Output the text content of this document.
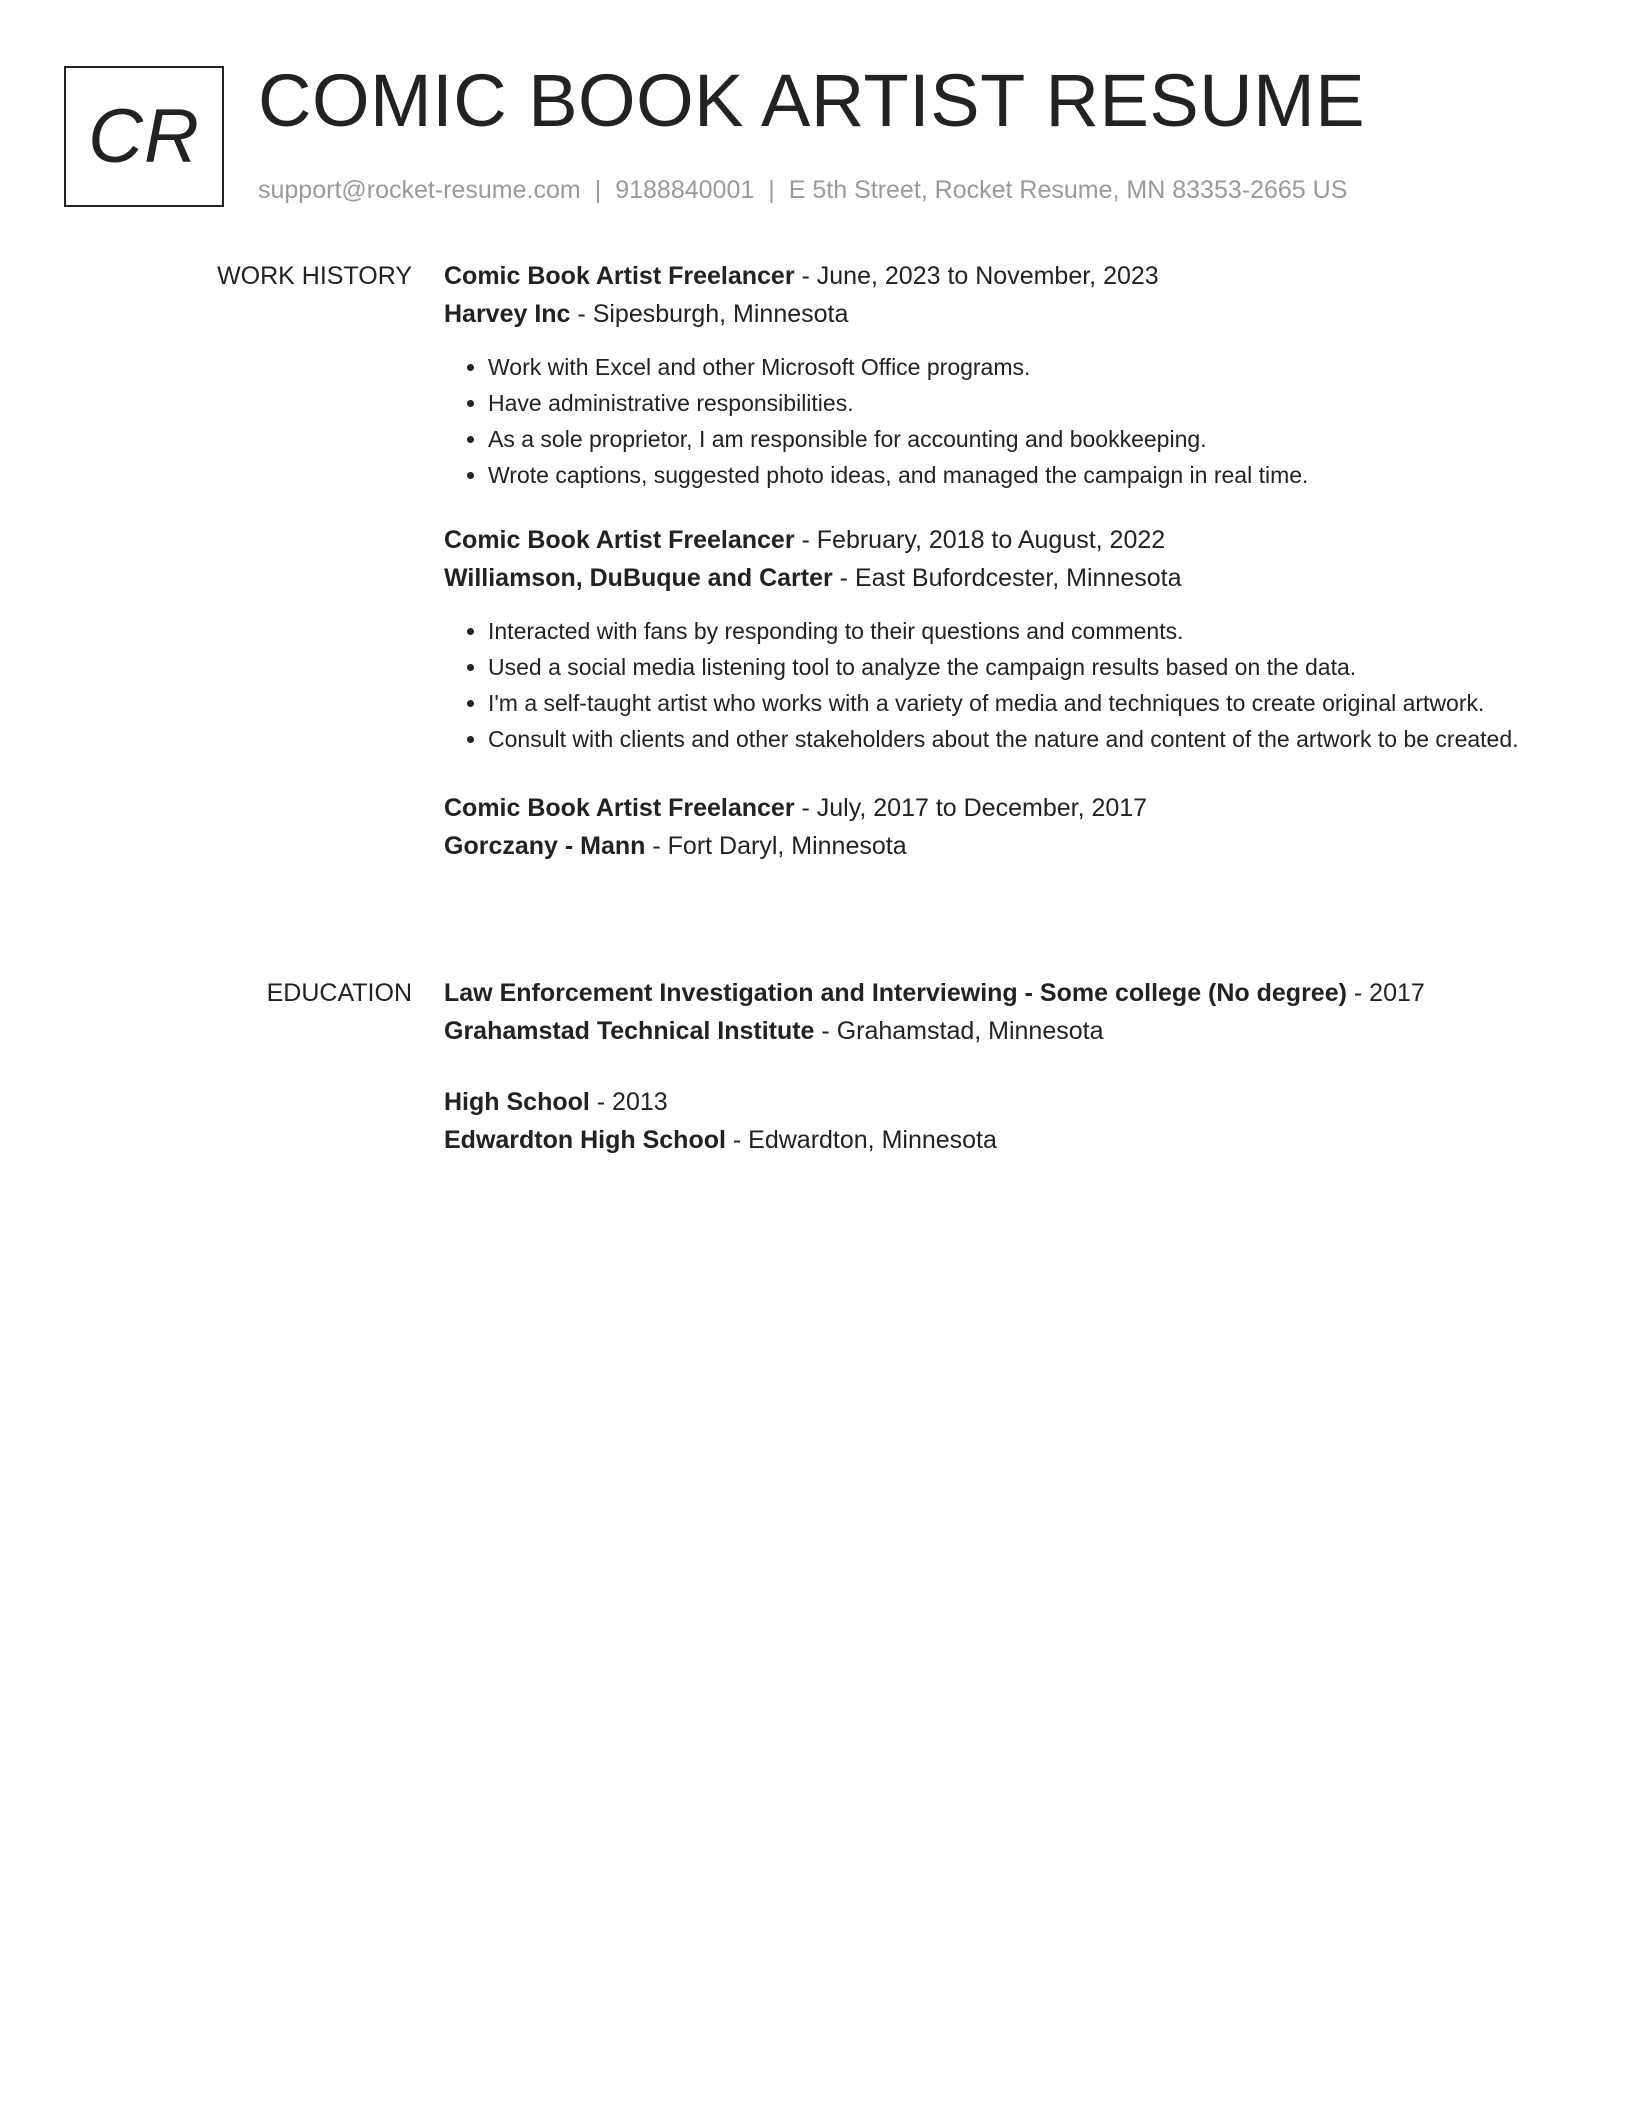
CR COMIC BOOK ARTIST RESUME
support@rocket-resume.com | 9188840001 | E 5th Street, Rocket Resume, MN 83353-2665 US
WORK HISTORY Comic Book Artist Freelancer - June, 2023 to November, 2023
Harvey Inc - Sipesburgh, Minnesota
• Work with Excel and other Microsoft Office programs.
• Have administrative responsibilities.
• As a sole proprietor, I am responsible for accounting and bookkeeping.
• Wrote captions, suggested photo ideas, and managed the campaign in real time.
Comic Book Artist Freelancer - February, 2018 to August, 2022
Williamson, DuBuque and Carter - East Bufordcester, Minnesota
• Interacted with fans by responding to their questions and comments.
• Used a social media listening tool to analyze the campaign results based on the data.
• I'm a self-taught artist who works with a variety of media and techniques to create original artwork.
• Consult with clients and other stakeholders about the nature and content of the artwork to be created.
Comic Book Artist Freelancer - July, 2017 to December, 2017
Gorczany - Mann - Fort Daryl, Minnesota
EDUCATION Law Enforcement Investigation and Interviewing - Some college (No degree) - 2017
Grahamstad Technical Institute - Grahamstad, Minnesota
High School - 2013
Edwardton High School - Edwardton, Minnesota
